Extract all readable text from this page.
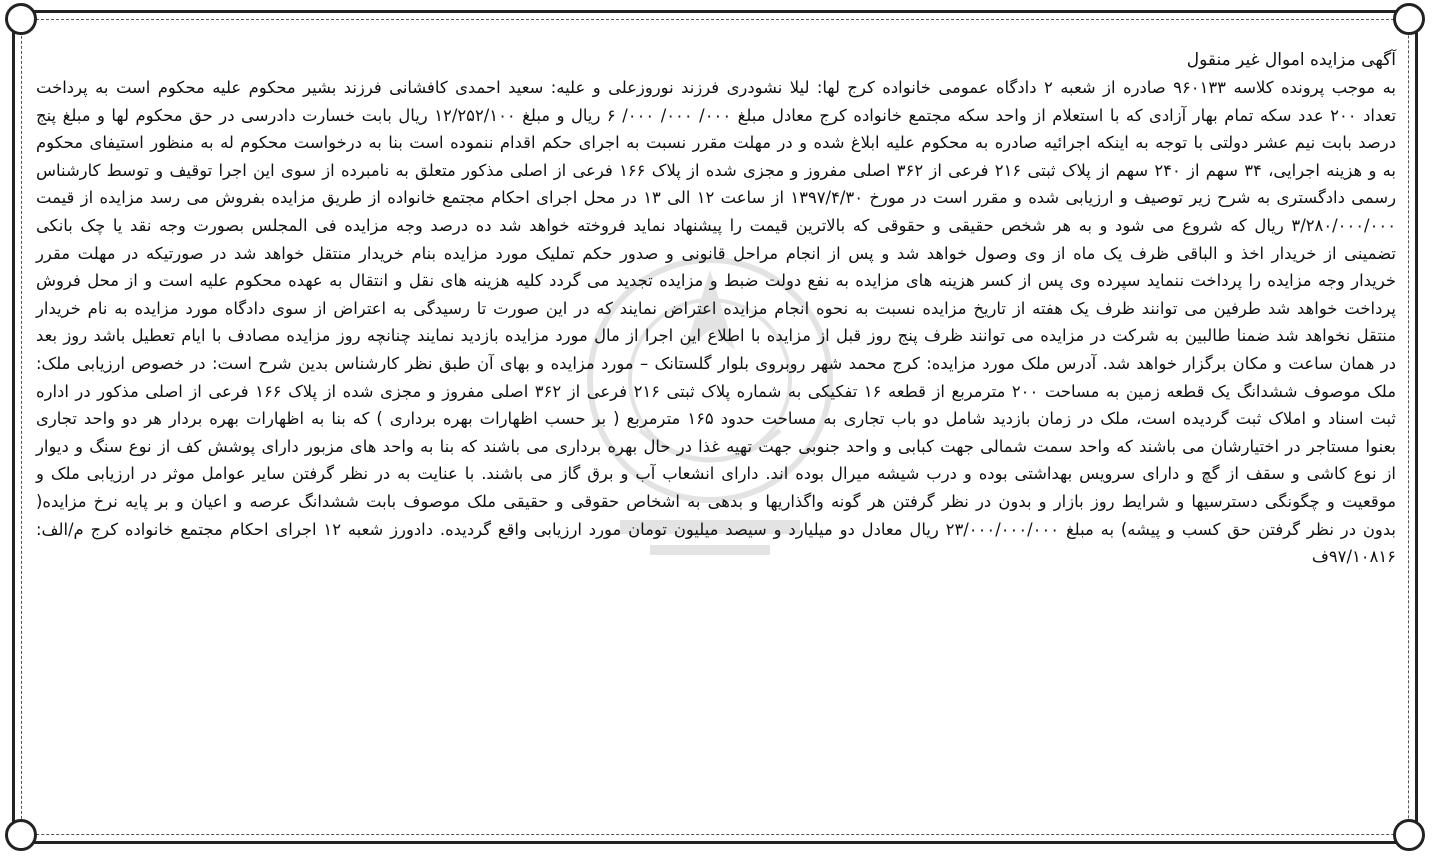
آگهی مزایده اموال غیر منقول

به موجب پرونده کلاسه ۹۶۰۱۳۳ صادره از شعبه ۲ دادگاه عمومی خانواده کرج لها: لیلا نشودری فرزند نوروزعلی و علیه: سعید احمدی کافشانی فرزند بشیر محکوم علیه محکوم است به پرداخت تعداد ۲۰۰ عدد سکه تمام بهار آزادی که با استعلام از واحد سکه مجتمع خانواده کرج معادل مبلغ ۰۰۰/ ۰۰۰/ ۰۰۰/ ۶ ریال و مبلغ ۱۲/۲۵۲/۱۰۰ ریال بابت خسارت دادرسی در حق محکوم لها و مبلغ پنج درصد بابت نیم عشر دولتی با توجه به اینکه اجرائیه صادره به محکوم علیه ابلاغ شده و در مهلت مقرر نسبت به اجرای حکم اقدام ننموده است بنا به درخواست محکوم له به منظور استیفای محکوم به و هزینه اجرایی، ۳۴ سهم از ۲۴۰ سهم از پلاک ثبتی ۲۱۶ فرعی از ۳۶۲ اصلی مفروز و مجزی شده از پلاک ۱۶۶ فرعی از اصلی مذکور متعلق به نامبرده از سوی این اجرا توقیف و توسط کارشناس رسمی دادگستری به شرح زیر توصیف و ارزیابی شده و مقرر است در مورخ ۱۳۹۷/۴/۳۰ از ساعت ۱۲ الی ۱۳ در محل اجرای احکام مجتمع خانواده از طریق مزایده بفروش می رسد مزایده از قیمت ۳/۲۸۰/۰۰۰/۰۰۰ ریال که شروع می شود و به هر شخص حقیقی و حقوقی که بالاترین قیمت را پیشنهاد نماید فروخته خواهد شد ده درصد وجه مزایده فی المجلس بصورت وجه نقد یا چک بانکی تضمینی از خریدار اخذ و الباقی ظرف یک ماه از وی وصول خواهد شد و پس از انجام مراحل قانونی و صدور حکم تملیک مورد مزایده بنام خریدار منتقل خواهد شد در صورتیکه در مهلت مقرر خریدار وجه مزایده را پرداخت ننماید سپرده وی پس از کسر هزینه های مزایده به نفع دولت ضبط و مزایده تجدید می گردد کلیه هزینه های نقل و انتقال به عهده محکوم علیه است و از محل فروش پرداخت خواهد شد طرفین می توانند ظرف یک هفته از تاریخ مزایده نسبت به نحوه انجام مزایده اعتراض نمایند که در این صورت تا رسیدگی به اعتراض از سوی دادگاه مورد مزایده به نام خریدار منتقل نخواهد شد ضمنا طالبین به شرکت در مزایده می توانند ظرف پنج روز قبل از مزایده با اطلاع این اجرا از مال مورد مزایده بازدید نمایند چنانچه روز مزایده مصادف با ایام تعطیل باشد روز بعد در همان ساعت و مکان برگزار خواهد شد. آدرس ملک مورد مزایده: کرج محمد شهر روبروی بلوار گلستانک – مورد مزایده و بهای آن طبق نظر کارشناس بدین شرح است: در خصوص ارزیابی ملک: ملک موصوف ششدانگ یک قطعه زمین به مساحت ۲۰۰ مترمربع از قطعه ۱۶ تفکیکی به شماره پلاک ثبتی ۲۱۶ فرعی از ۳۶۲ اصلی مفروز و مجزی شده از پلاک ۱۶۶ فرعی از اصلی مذکور در اداره ثبت اسناد و املاک ثبت گردیده است، ملک در زمان بازدید شامل دو باب تجاری به مساحت حدود ۱۶۵ مترمربع ( بر حسب اظهارات بهره برداری ) که بنا به اظهارات بهره بردار هر دو واحد تجاری بعنوا مستاجر در اختیارشان می باشند که واحد سمت شمالی جهت کبابی و واحد جنوبی جهت تهیه غذا در حال بهره برداری می باشند که بنا به واحد های مزبور دارای پوشش کف از نوع سنگ و دیوار از نوع کاشی و سقف از گچ و دارای سرویس بهداشتی بوده و درب شیشه میرال بوده اند. دارای انشعاب آب و برق گاز می باشند. با عنایت به در نظر گرفتن سایر عوامل موثر در ارزیابی ملک و موقعیت و چگونگی دسترسیها و شرایط روز بازار و بدون در نظر گرفتن هر گونه واگذاریها و بدهی به اشخاص حقوقی و حقیقی ملک موصوف بابت ششدانگ عرصه و اعیان و بر پایه نرخ مزایده( بدون در نظر گرفتن حق کسب و پیشه) به مبلغ ۲۳/۰۰۰/۰۰۰/۰۰۰ ریال معادل دو میلیارد و سیصد میلیون تومان مورد ارزیابی واقع گردیده. دادورز شعبه ۱۲ اجرای احکام مجتمع خانواده کرج م/الف: ۹۷/۱۰۸۱۶ف
